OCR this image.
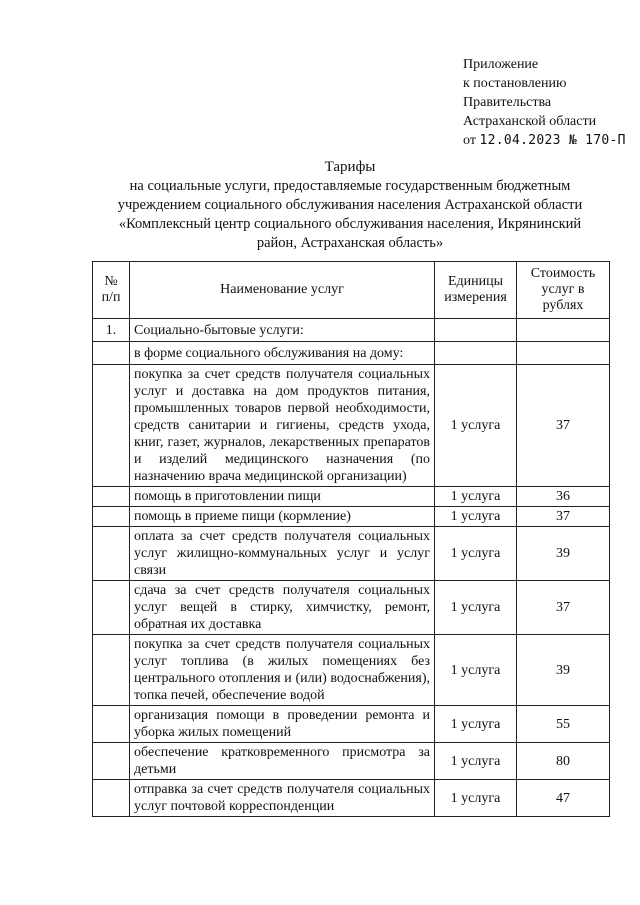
Приложение
к постановлению
Правительства
Астраханской области
от 12.04.2023 № 170-П
Тарифы
на социальные услуги, предоставляемые государственным бюджетным
учреждением социального обслуживания населения Астраханской области
«Комплексный центр социального обслуживания населения, Икрянинский
район, Астраханская область»
№ п/п	Наименование услуг	Единицы измерения	Стоимость услуг в рублях
1.	Социально-бытовые услуги:		
	в форме социального обслуживания на дому:		
	покупка за счет средств получателя социальных услуг и доставка на дом продуктов питания, промышленных товаров первой необходимости, средств санитарии и гигиены, средств ухода, книг, газет, журналов, лекарственных препаратов и изделий медицинского назначения (по назначению врача медицинской организации)	1 услуга	37
	помощь в приготовлении пищи	1 услуга	36
	помощь в приеме пищи (кормление)	1 услуга	37
	оплата за счет средств получателя социальных услуг жилищно-коммунальных услуг и услуг связи	1 услуга	39
	сдача за счет средств получателя социальных услуг вещей в стирку, химчистку, ремонт, обратная их доставка	1 услуга	37
	покупка за счет средств получателя социальных услуг топлива (в жилых помещениях без центрального отопления и (или) водоснабжения), топка печей, обеспечение водой	1 услуга	39
	организация помощи в проведении ремонта и уборка жилых помещений	1 услуга	55
	обеспечение кратковременного присмотра за детьми	1 услуга	80
	отправка за счет средств получателя социальных услуг почтовой корреспонденции	1 услуга	47
